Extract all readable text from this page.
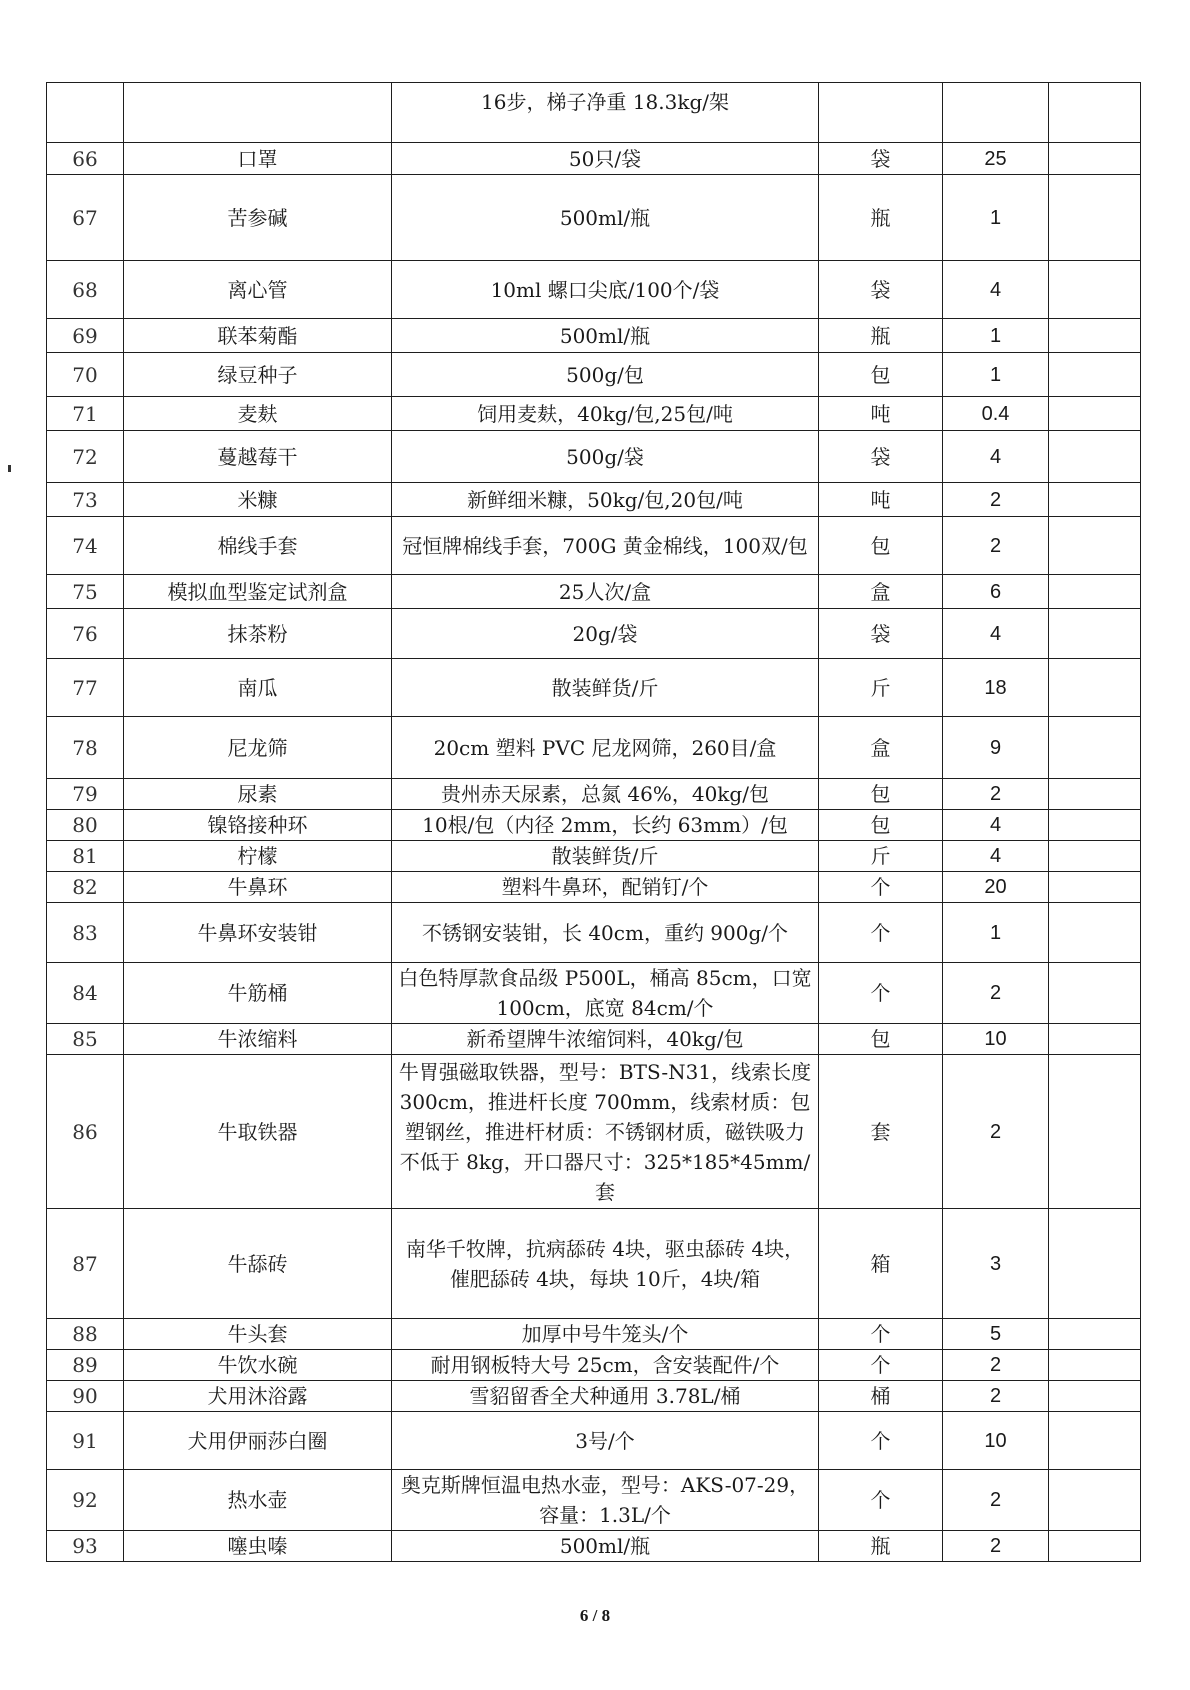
		16步，梯子净重 18.3kg/架			
66	口罩	50只/袋	袋	25	
67	苦参碱	500ml/瓶	瓶	1	
68	离心管	10ml 螺口尖底/100个/袋	袋	4	
69	联苯菊酯	500ml/瓶	瓶	1	
70	绿豆种子	500g/包	包	1	
71	麦麸	饲用麦麸，40kg/包,25包/吨	吨	0.4	
72	蔓越莓干	500g/袋	袋	4	
73	米糠	新鲜细米糠，50kg/包,20包/吨	吨	2	
74	棉线手套	冠恒牌棉线手套，700G 黄金棉线，100双/包	包	2	
75	模拟血型鉴定试剂盒	25人次/盒	盒	6	
76	抹茶粉	20g/袋	袋	4	
77	南瓜	散装鲜货/斤	斤	18	
78	尼龙筛	20cm 塑料 PVC 尼龙网筛，260目/盒	盒	9	
79	尿素	贵州赤天尿素，总氮 46%，40kg/包	包	2	
80	镍铬接种环	10根/包（内径 2mm，长约 63mm）/包	包	4	
81	柠檬	散装鲜货/斤	斤	4	
82	牛鼻环	塑料牛鼻环，配销钉/个	个	20	
83	牛鼻环安装钳	不锈钢安装钳，长 40cm，重约 900g/个	个	1	
84	牛筋桶	白色特厚款食品级 P500L，桶高 85cm，口宽 100cm，底宽 84cm/个	个	2	
85	牛浓缩料	新希望牌牛浓缩饲料，40kg/包	包	10	
86	牛取铁器	牛胃强磁取铁器，型号：BTS-N31，线索长度 300cm，推进杆长度 700mm，线索材质：包塑钢丝，推进杆材质：不锈钢材质，磁铁吸力不低于 8kg，开口器尺寸：325*185*45mm/套	套	2	
87	牛舔砖	南华千牧牌，抗病舔砖 4块，驱虫舔砖 4块，催肥舔砖 4块，每块 10斤，4块/箱	箱	3	
88	牛头套	加厚中号牛笼头/个	个	5	
89	牛饮水碗	耐用钢板特大号 25cm，含安装配件/个	个	2	
90	犬用沐浴露	雪貂留香全犬种通用 3.78L/桶	桶	2	
91	犬用伊丽莎白圈	3号/个	个	10	
92	热水壶	奥克斯牌恒温电热水壶，型号：AKS-07-29，容量：1.3L/个	个	2	
93	噻虫嗪	500ml/瓶	瓶	2	
6 / 8
